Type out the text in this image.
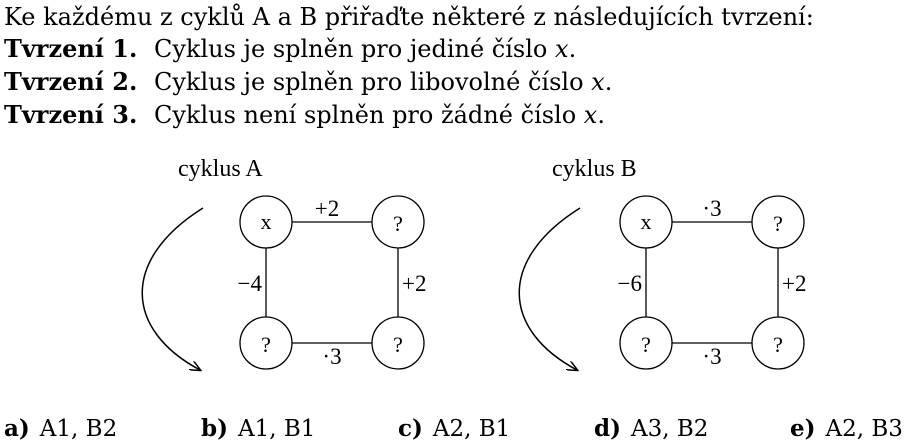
Ke každému z cyklů A a B přiřaďte některé z následujících tvrzení:
Tvrzení 1. Cyklus je splněn pro jediné číslo x.
Tvrzení 2. Cyklus je splněn pro libovolné číslo x.
Tvrzení 3. Cyklus není splněn pro žádné číslo x.
cyklus A
x	?
?	?
+2
+2
·3
−4
cyklus B
x	?
?	?
·3
+2
·3
−6
a) A1, B2	b) A1, B1	c) A2, B1	d) A3, B2	e) A2, B3
